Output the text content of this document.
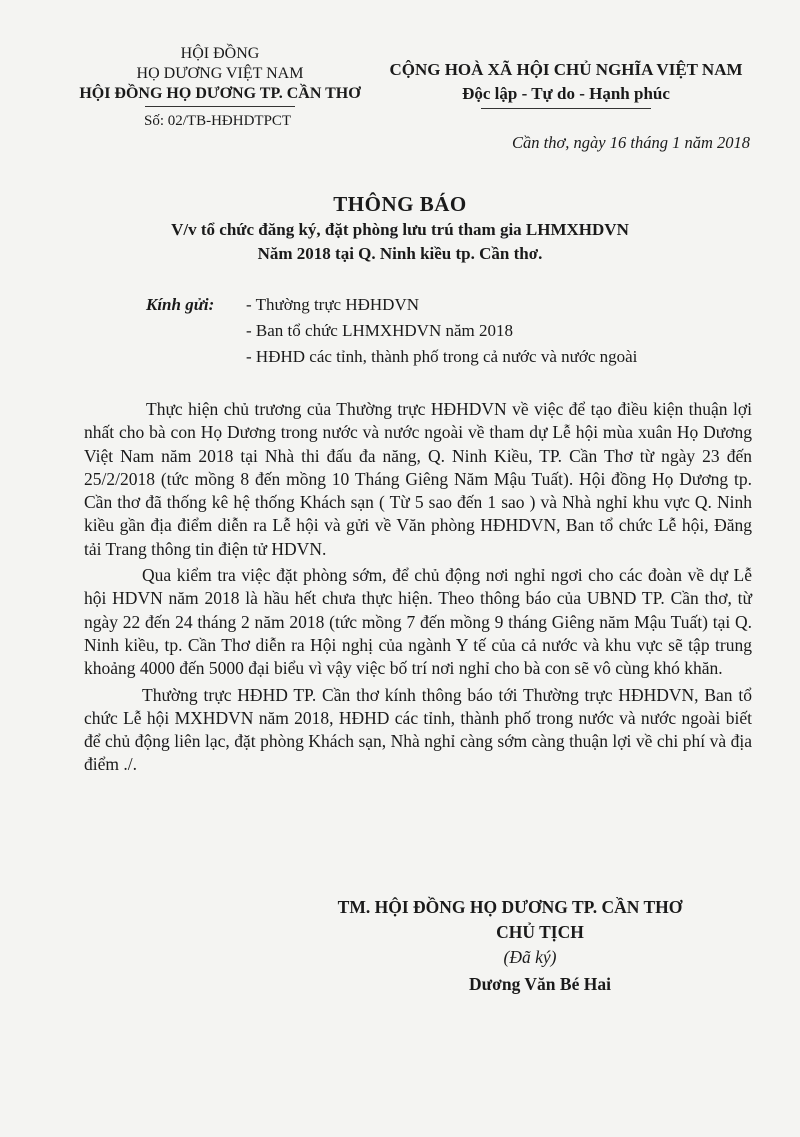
HỘI ĐỒNG
HỌ DƯƠNG VIỆT NAM
HỘI ĐỒNG HỌ DƯƠNG TP. CẦN THƠ
Số: 02/TB-HĐHDTPCT
CỘNG HOÀ XÃ HỘI CHỦ NGHĨA VIỆT NAM
Độc lập - Tự do - Hạnh phúc
Cần thơ, ngày 16 tháng 1 năm 2018
THÔNG BÁO
V/v tổ chức đăng ký, đặt phòng lưu trú tham gia LHMXHDVN
Năm 2018 tại Q. Ninh kiều tp. Cần thơ.
Kính gửi:	- Thường trực HĐHDVN
- Ban tổ chức LHMXHDVN năm 2018
- HĐHD các tỉnh, thành phố trong cả nước và nước ngoài

Thực hiện chủ trương của Thường trực HĐHDVN về việc để tạo điều kiện thuận lợi nhất cho bà con Họ Dương trong nước và nước ngoài về tham dự Lễ hội mùa xuân Họ Dương Việt Nam năm 2018 tại Nhà thi đấu đa năng, Q. Ninh Kiều, TP. Cần Thơ từ ngày 23 đến 25/2/2018 (tức mồng 8 đến mồng 10 Tháng Giêng Năm Mậu Tuất). Hội đồng Họ Dương tp. Cần thơ đã thống kê hệ thống Khách sạn ( Từ 5 sao đến 1 sao ) và Nhà nghỉ khu vực Q. Ninh kiều gần địa điểm diễn ra Lễ hội và gửi về Văn phòng HĐHDVN, Ban tổ chức Lễ hội, Đăng tải Trang thông tin điện tử HDVN.

Qua kiểm tra việc đặt phòng sớm, để chủ động nơi nghỉ ngơi cho các đoàn về dự Lễ hội HDVN năm 2018 là hầu hết chưa thực hiện. Theo thông báo của UBND TP. Cần thơ, từ ngày 22 đến 24 tháng 2 năm 2018 (tức mồng 7 đến mồng 9 tháng Giêng năm Mậu Tuất) tại Q. Ninh kiều, tp. Cần Thơ diễn ra Hội nghị của ngành Y tế của cả nước và khu vực sẽ tập trung khoảng 4000 đến 5000 đại biểu vì vậy việc bố trí nơi nghỉ cho bà con sẽ vô cùng khó khăn.

Thường trực HĐHD TP. Cần thơ kính thông báo tới Thường trực HĐHDVN, Ban tổ chức Lễ hội MXHDVN năm 2018, HĐHD các tỉnh, thành phố trong nước và nước ngoài biết để chủ động liên lạc, đặt phòng Khách sạn, Nhà nghỉ càng sớm càng thuận lợi về chi phí và địa điểm ./.

TM. HỘI ĐỒNG HỌ DƯƠNG TP. CẦN THƠ
CHỦ TỊCH
(Đã ký)
Dương Văn Bé Hai
